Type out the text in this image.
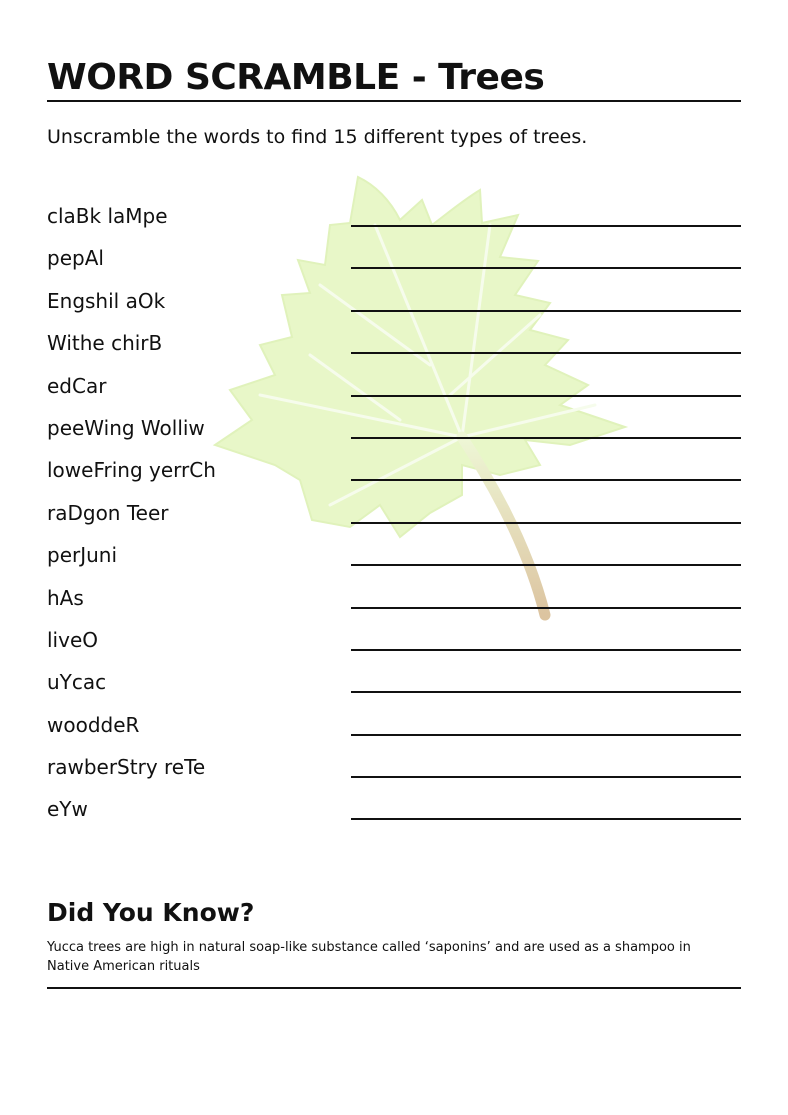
WORD SCRAMBLE - Trees

Unscramble the words to find 15 different types of trees.

claBk laMpe
pepAl
Engshil aOk
Withe chirB
edCar
peeWing Wolliw
loweFring yerrCh
raDgon Teer
perJuni
hAs
liveO
uYcac
wooddeR
rawberStry reTe
eYw
Did You Know?

Yucca trees are high in natural soap-like substance called ‘saponins’ and are used as a shampoo in Native American rituals
